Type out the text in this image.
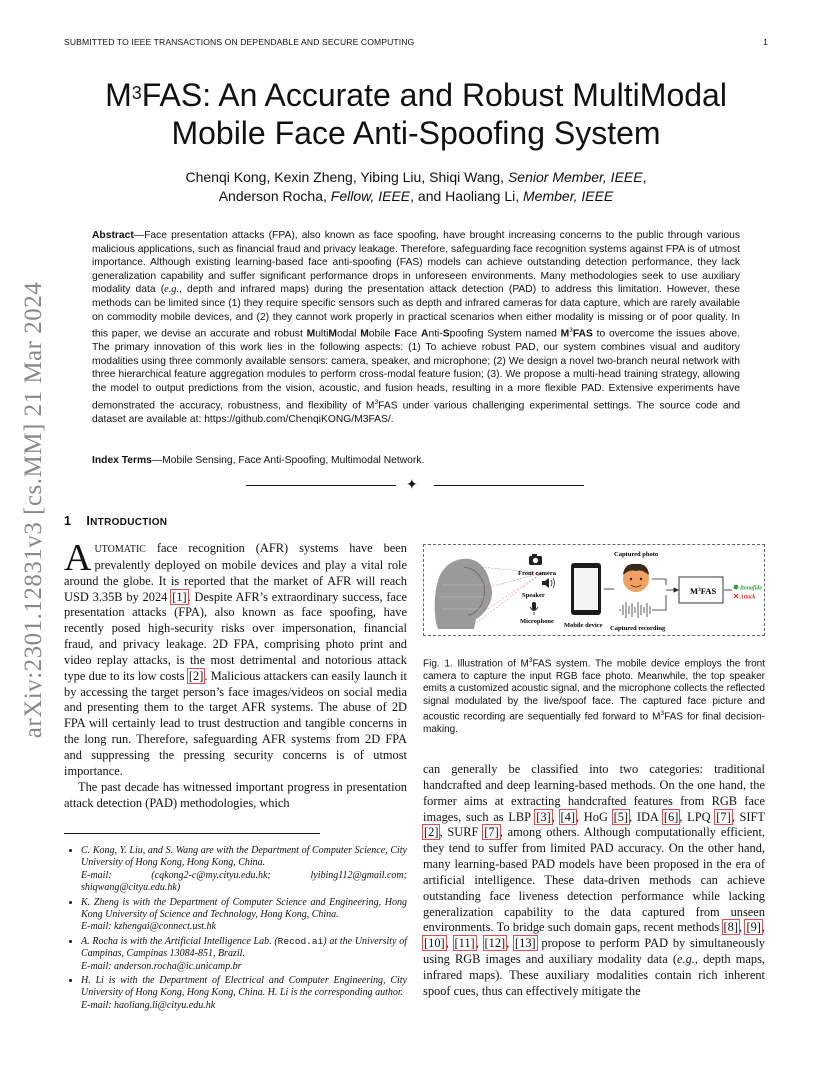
SUBMITTED TO IEEE TRANSACTIONS ON DEPENDABLE AND SECURE COMPUTING	1
arXiv:2301.12831v3 [cs.MM] 21 Mar 2024
$M^3FAS$: An Accurate and Robust MultiModal
Mobile Face Anti-Spoofing System
Chenqi Kong, Kexin Zheng, Yibing Liu, Shiqi Wang, Senior Member, IEEE,
Anderson Rocha, Fellow, IEEE, and Haoliang Li, Member, IEEE
Abstract—Face presentation attacks (FPA), also known as face spoofing, have brought increasing concerns to the public through various malicious applications, such as financial fraud and privacy leakage. Therefore, safeguarding face recognition systems against FPA is of utmost importance. Although existing learning-based face anti-spoofing (FAS) models can achieve outstanding detection performance, they lack generalization capability and suffer significant performance drops in unforeseen environments. Many methodologies seek to use auxiliary modality data (e.g., depth and infrared maps) during the presentation attack detection (PAD) to address this limitation. However, these methods can be limited since (1) they require specific sensors such as depth and infrared cameras for data capture, which are rarely available on commodity mobile devices, and (2) they cannot work properly in practical scenarios when either modality is missing or of poor quality. In this paper, we devise an accurate and robust MultiModal Mobile Face Anti-Spoofing System named $M^3FAS$ to overcome the issues above. The primary innovation of this work lies in the following aspects: (1) To achieve robust PAD, our system combines visual and auditory modalities using three commonly available sensors: camera, speaker, and microphone; (2) We design a novel two-branch neural network with three hierarchical feature aggregation modules to perform cross-modal feature fusion; (3). We propose a multi-head training strategy, allowing the model to output predictions from the vision, acoustic, and fusion heads, resulting in a more flexible PAD. Extensive experiments have demonstrated the accuracy, robustness, and flexibility of $M^3FAS$ under various challenging experimental settings. The source code and dataset are available at: https://github.com/ChenqiKONG/M3FAS/.
Index Terms—Mobile Sensing, Face Anti-Spoofing, Multimodal Network.
✦
1 INTRODUCTION

AUTOMATIC face recognition (AFR) systems have been prevalently deployed on mobile devices and play a vital role around the globe. It is reported that the market of AFR will reach USD 3.35B by 2024 [1]. Despite AFR’s extraordinary success, face presentation attacks (FPA), also known as face spoofing, have recently posed high-security risks over impersonation, financial fraud, and privacy leakage. 2D FPA, comprising photo print and video replay attacks, is the most detrimental and notorious attack type due to its low costs [2]. Malicious attackers can easily launch it by accessing the target person’s face images/videos on social media and presenting them to the target AFR systems. The abuse of 2D FPA will certainly lead to trust destruction and tangible concerns in the long run. Therefore, safeguarding AFR systems from 2D FPA and suppressing the pressing security concerns is of utmost importance.

The past decade has witnessed important progress in presentation attack detection (PAD) methodologies, which

• C. Kong, Y. Liu, and S. Wang are with the Department of Computer Science, City University of Hong Kong, Hong Kong, China.
E-mail: (cqkong2-c@my.cityu.edu.hk; lyibing112@gmail.com; shiqwang@cityu.edu.hk)
• K. Zheng is with the Department of Computer Science and Engineering, Hong Kong University of Science and Technology, Hong Kong, China.
E-mail: kzhengai@connect.ust.hk
• A. Rocha is with the Artificial Intelligence Lab. (Recod.ai) at the University of Campinas, Campinas 13084-851, Brazil.
E-mail: anderson.rocha@ic.unicamp.br
• H. Li is with the Department of Electrical and Computer Engineering, City University of Hong Kong, Hong Kong, China. H. Li is the corresponding author.
E-mail: haoliang.li@cityu.edu.hk
Front camera
Speaker
Microphone
Mobile device
Captured photo
Captured recording
$M^3FAS$	Bonafide
Attack
Fig. 1. Illustration of $M^3FAS$ system. The mobile device employs the front camera to capture the input RGB face photo. Meanwhile, the top speaker emits a customized acoustic signal, and the microphone collects the reflected signal modulated by the live/spoof face. The captured face picture and acoustic recording are sequentially fed forward to $M^3FAS$ for final decision-making.

can generally be classified into two categories: traditional handcrafted and deep learning-based methods. On the one hand, the former aims at extracting handcrafted features from RGB face images, such as LBP [3], [4], HoG [5], IDA [6], LPQ [7], SIFT [2], SURF [7], among others. Although computationally efficient, they tend to suffer from limited PAD accuracy. On the other hand, many learning-based PAD models have been proposed in the era of artificial intelligence. These data-driven methods can achieve outstanding face liveness detection performance while lacking generalization capability to the data captured from unseen environments. To bridge such domain gaps, recent methods [8], [9], [10], [11], [12], [13] propose to perform PAD by simultaneously using RGB images and auxiliary modality data (e.g., depth maps, infrared maps). These auxiliary modalities contain rich inherent spoof cues, thus can effectively mitigate the
